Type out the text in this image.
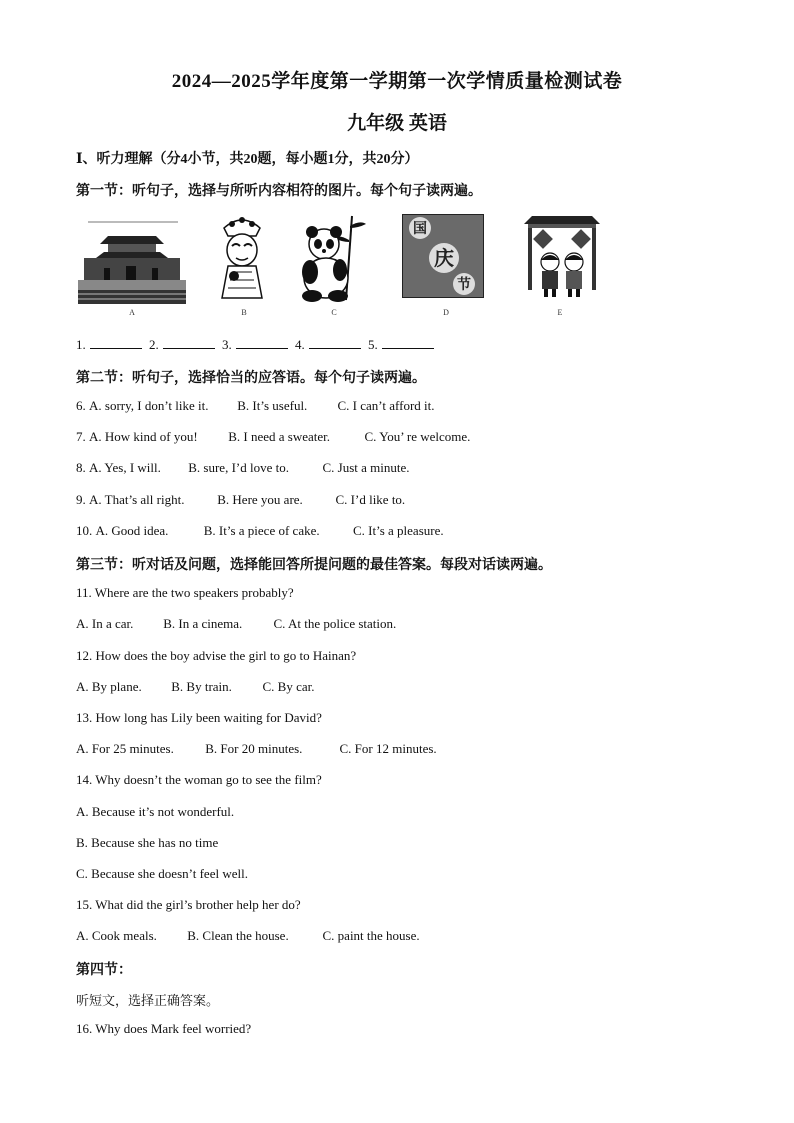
2024—2025学年度第一学期第一次学情质量检测试卷
九年级 英语
Ⅰ、听力理解（分4小节，共20题，每小题1分，共20分）
第一节：听句子，选择与所听内容相符的图片。每个句子读两遍。
A	B	C
国
庆
节
D	E
1.	2.	3.	4.	5.
第二节：听句子，选择恰当的应答语。每个句子读两遍。
6. A. sorry, I don’t like it. B. It’s useful. C. I can’t afford it.
7. A. How kind of you! B. I need a sweater.	C. You’ re welcome.
8. A. Yes, I will. B. sure, I’d love to.	C. Just a minute.
9. A. That’s all right.	B. Here you are.	C. I’d like to.
10. A. Good idea.	B. It’s a piece of cake.	C. It’s a pleasure.
第三节：听对话及问题，选择能回答所提问题的最佳答案。每段对话读两遍。
11. Where are the two speakers probably?
A. In a car. B. In a cinema. C. At the police station.
12. How does the boy advise the girl to go to Hainan?
A. By plane. B. By train. C. By car.
13. How long has Lily been waiting for David?
A. For 25 minutes. B. For 20 minutes.	C. For 12 minutes.
14. Why doesn’t the woman go to see the film?
A. Because it’s not wonderful.
B. Because she has no time
C. Because she doesn’t feel well.
15. What did the girl’s brother help her do?
A. Cook meals. B. Clean the house.	C. paint the house.
第四节：
听短文，选择正确答案。
16. Why does Mark feel worried?
